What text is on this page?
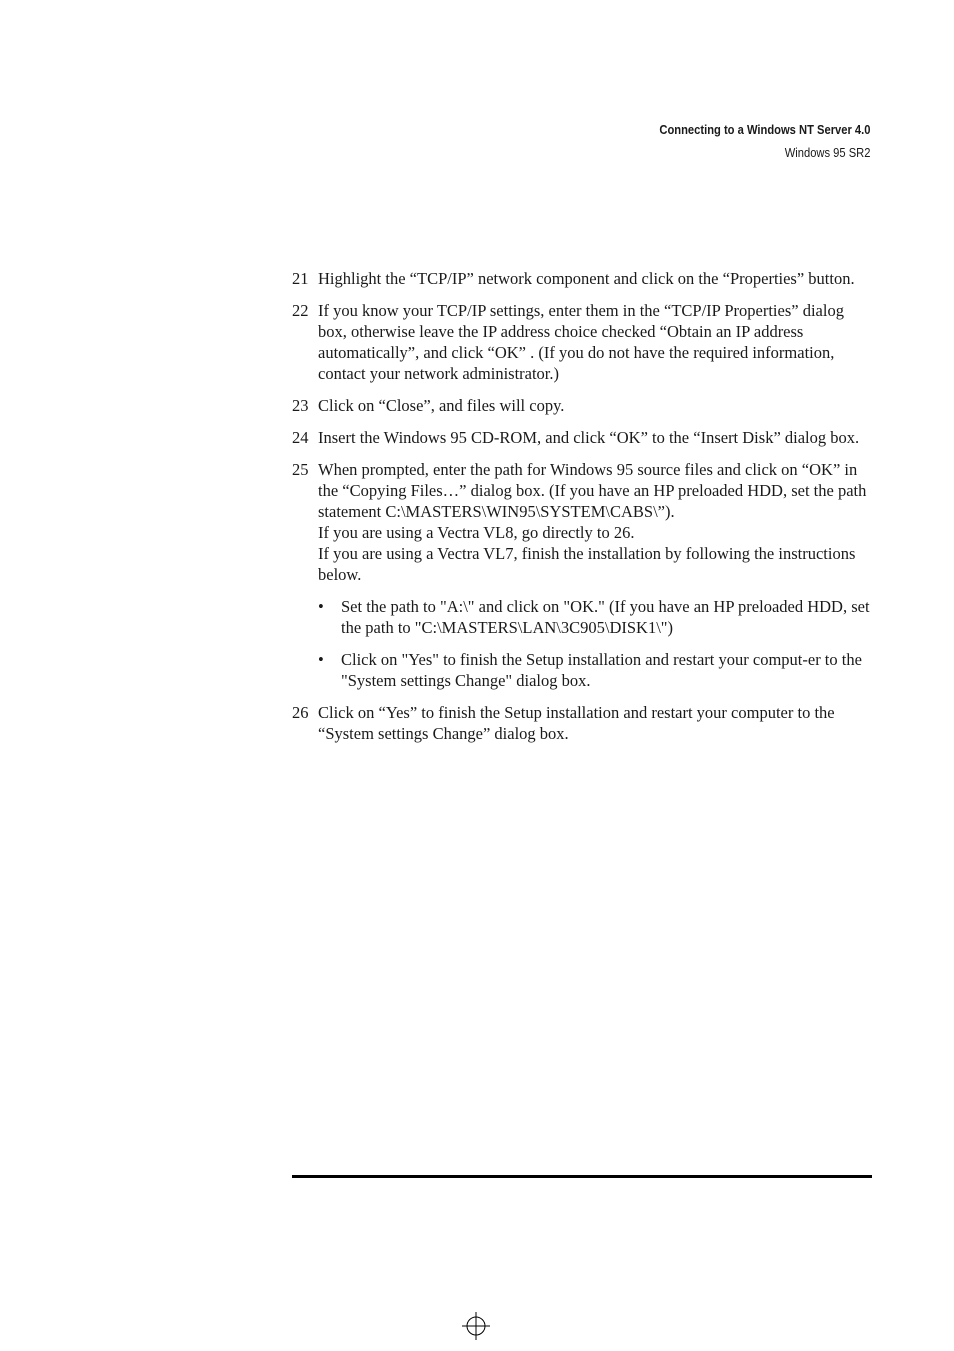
Connecting to a Windows NT Server 4.0
Windows 95 SR2
21 Highlight the “TCP/IP” network component and click on the “Properties” button.
22 If you know your TCP/IP settings, enter them in the “TCP/IP Properties” dialog box, otherwise leave the IP address choice checked “Obtain an IP address automatically”, and click “OK” . (If you do not have the required information, contact your network administrator.)
23 Click on “Close”, and files will copy.
24 Insert the Windows 95 CD-ROM, and click “OK” to the “Insert Disk” dialog box.
25 When prompted, enter the path for Windows 95 source files and click on “OK” in the “Copying Files…” dialog box. (If you have an HP preloaded HDD, set the path statement C:\MASTERS\WIN95\SYSTEM\CABS\”).
If you are using a Vectra VL8, go directly to 26.
If you are using a Vectra VL7, finish the installation by following the instructions below.
• Set the path to "A:\" and click on "OK." (If you have an HP preloaded HDD, set the path to "C:\MASTERS\LAN\3C905\DISK1\")
• Click on "Yes" to finish the Setup installation and restart your comput-er to the "System settings Change" dialog box.
26 Click on “Yes” to finish the Setup installation and restart your computer to the “System settings Change” dialog box.
